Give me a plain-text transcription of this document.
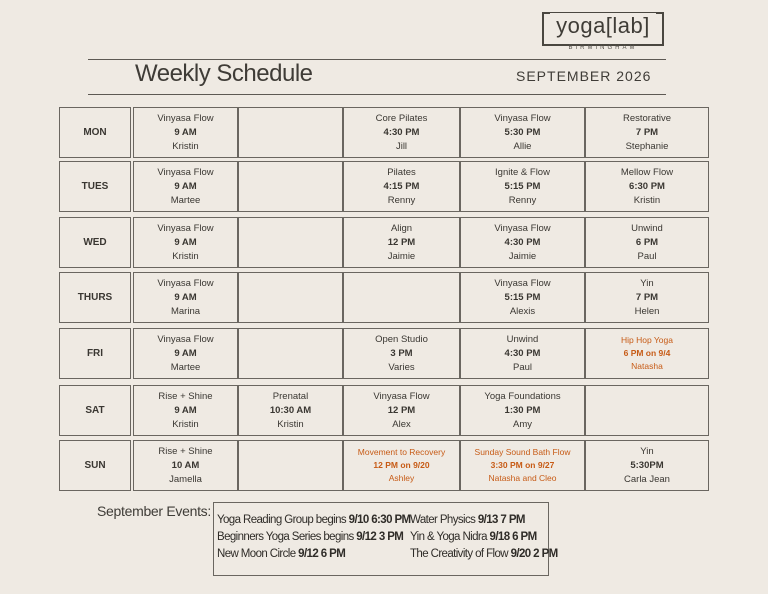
yoga[lab]
BIRMINGHAM
Weekly Schedule	SEPTEMBER 2026
MON
Vinyasa Flow
9 AM
Kristin
Core Pilates
4:30 PM
Jill
Vinyasa Flow
5:30 PM
Allie
Restorative
7 PM
Stephanie
TUES
Vinyasa Flow
9 AM
Martee
Pilates
4:15 PM
Renny
Ignite & Flow
5:15 PM
Renny
Mellow Flow
6:30 PM
Kristin
WED
Vinyasa Flow
9 AM
Kristin
Align
12 PM
Jaimie
Vinyasa Flow
4:30 PM
Jaimie
Unwind
6 PM
Paul
THURS
Vinyasa Flow
9 AM
Marina
Vinyasa Flow
5:15 PM
Alexis
Yin
7 PM
Helen
FRI
Vinyasa Flow
9 AM
Martee
Open Studio
3 PM
Varies
Unwind
4:30 PM
Paul
Hip Hop Yoga
6 PM on 9/4
Natasha
SAT
Rise + Shine
9 AM
Kristin
Prenatal
10:30 AM
Kristin
Vinyasa Flow
12 PM
Alex
Yoga Foundations
1:30 PM
Amy
SUN
Rise + Shine
10 AM
Jamella
Movement to Recovery
12 PM on 9/20
Ashley
Sunday Sound Bath Flow
3:30 PM on 9/27
Natasha and Cleo
Yin
5:30PM
Carla Jean
September Events:
Yoga Reading Group begins 9/10 6:30 PM
Beginners Yoga Series begins 9/12 3 PM
New Moon Circle 9/12 6 PM
Water Physics 9/13 7 PM
Yin & Yoga Nidra 9/18 6 PM
The Creativity of Flow 9/20 2 PM
